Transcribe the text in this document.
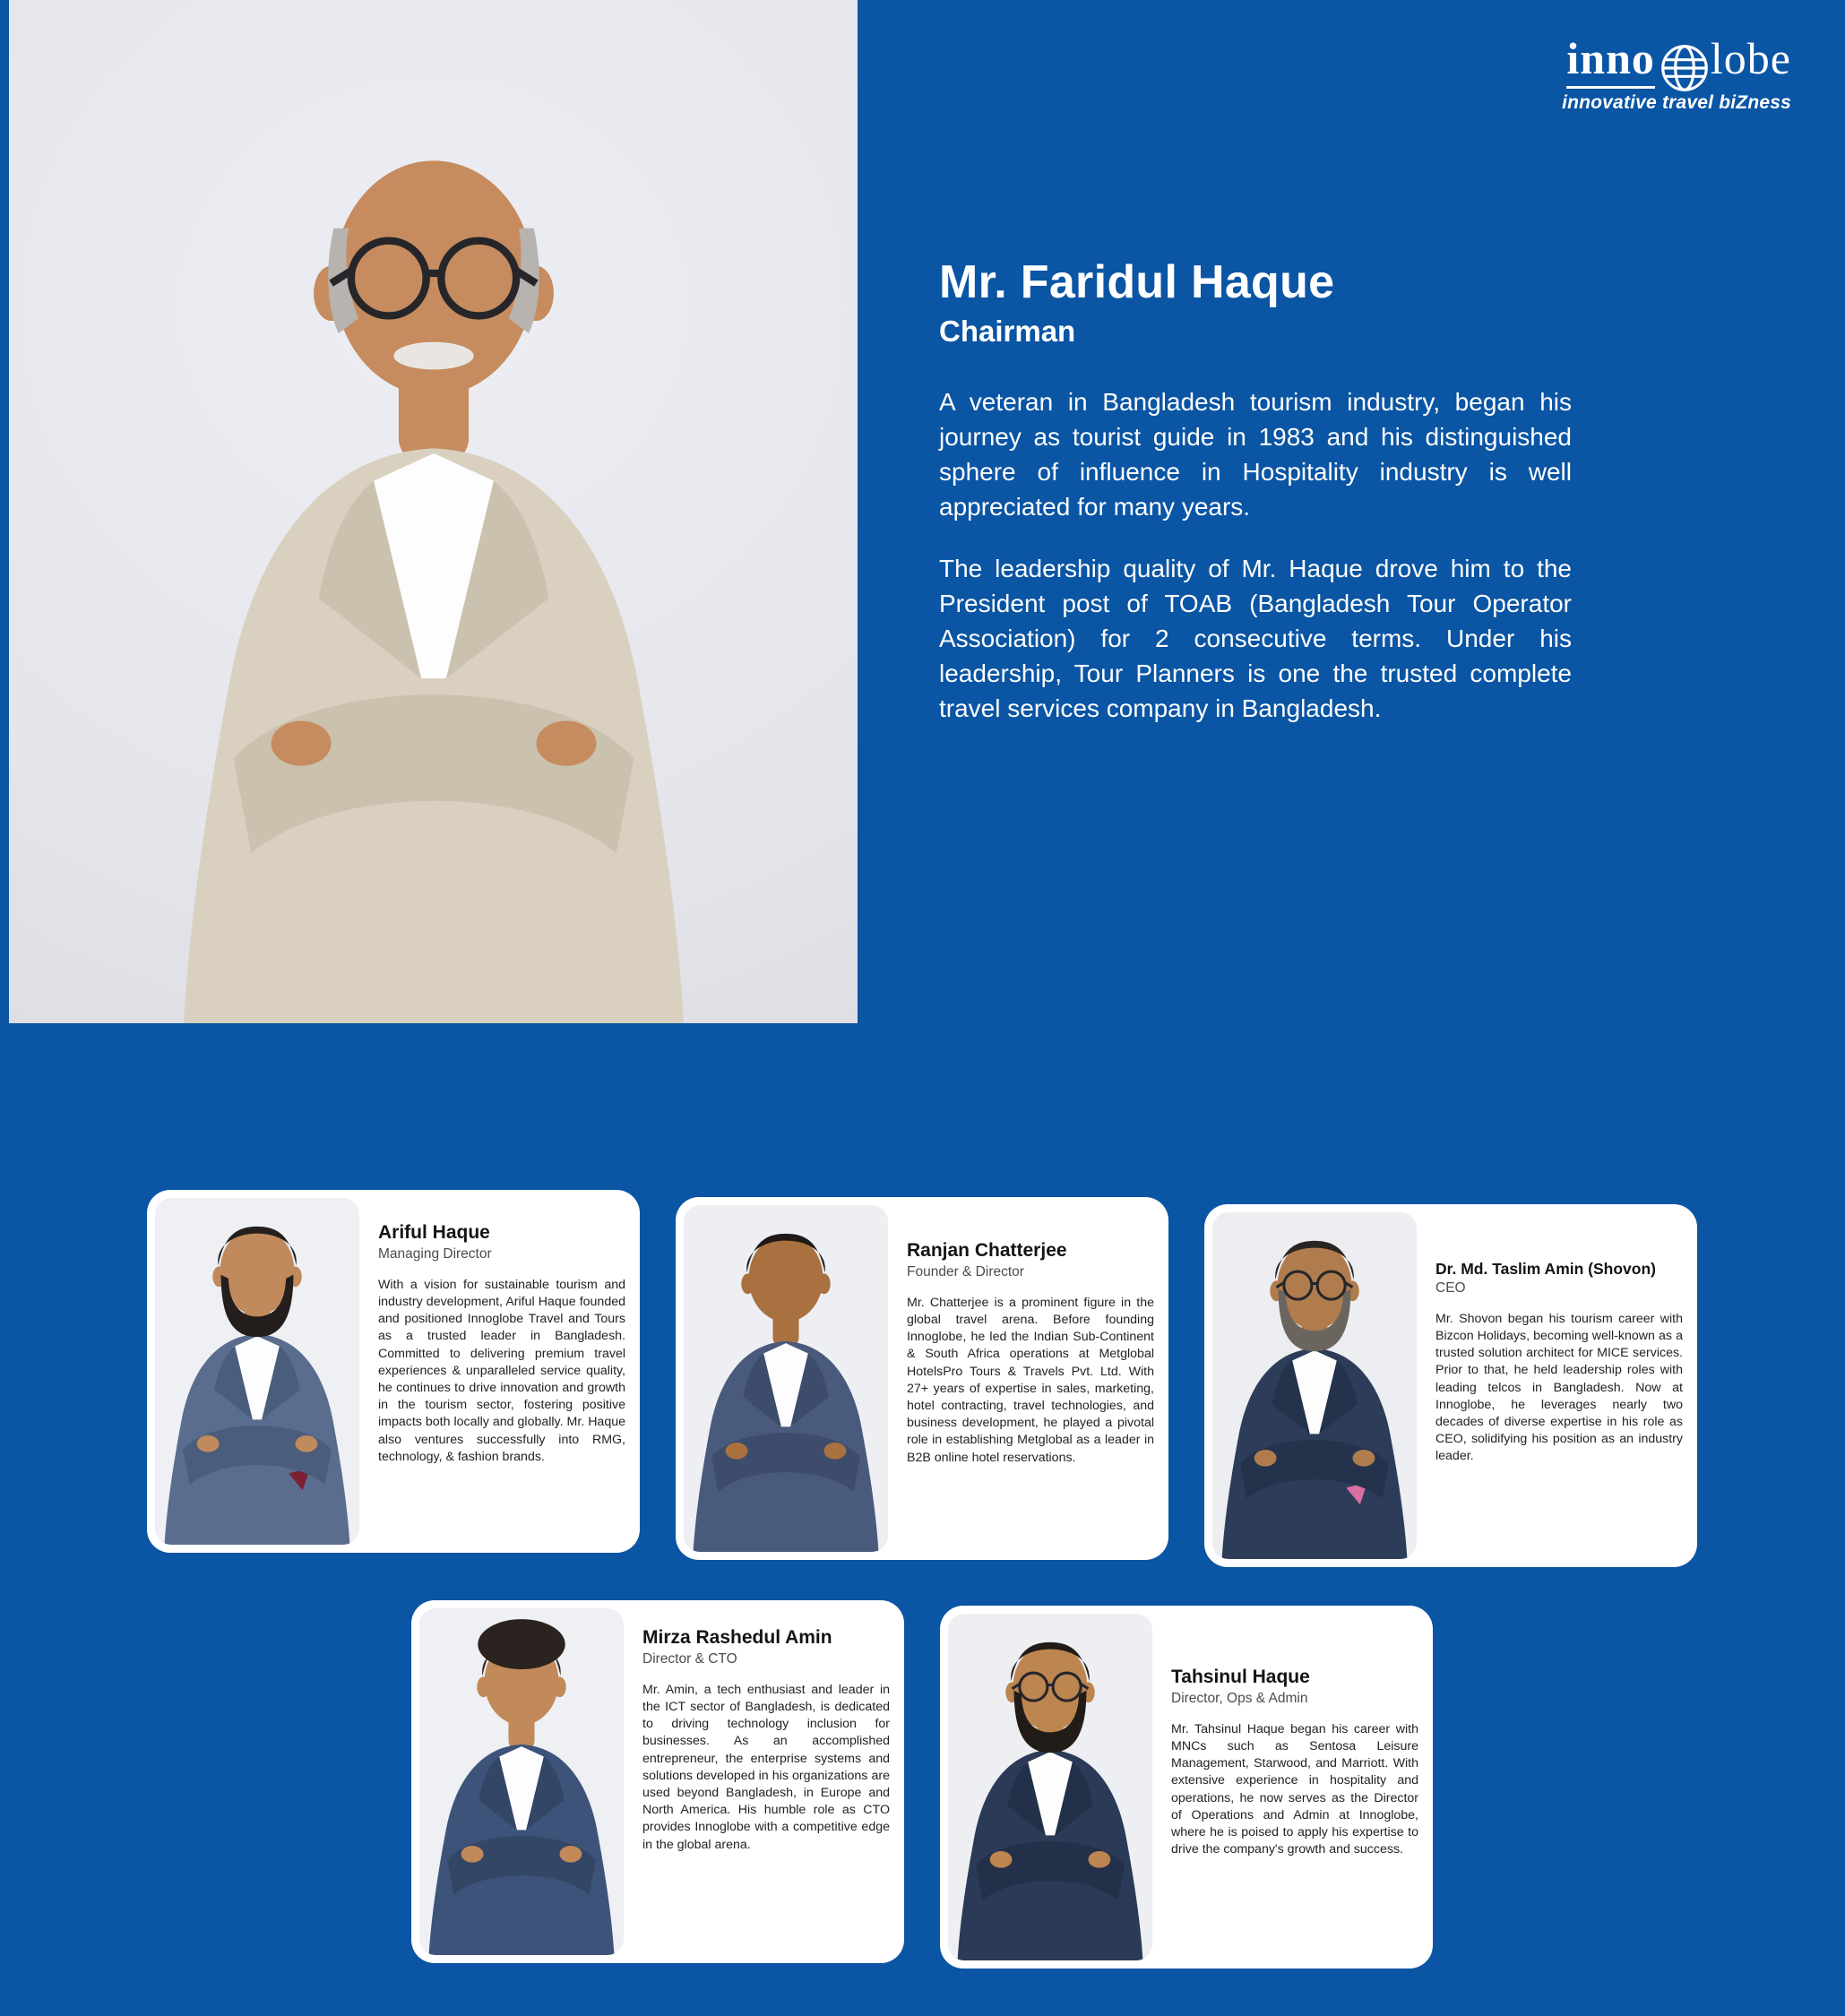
inno lobe
innovative travel biZness
Mr. Faridul Haque
Chairman

A veteran in Bangladesh tourism industry, began his journey as tourist guide in 1983 and his distinguished sphere of influence in Hospitality industry is well appreciated for many years.

The leadership quality of Mr. Haque drove him to the President post of TOAB (Bangladesh Tour Operator Association) for 2 consecutive terms. Under his leadership, Tour Planners is one the trusted complete travel services company in Bangladesh.

Ariful Haque
Managing Director

With a vision for sustainable tourism and industry development, Ariful Haque founded and positioned Innoglobe Travel and Tours as a trusted leader in Bangladesh. Committed to delivering premium travel experiences & unparalleled service quality, he continues to drive innovation and growth in the tourism sector, fostering positive impacts both locally and globally. Mr. Haque also ventures successfully into RMG, technology, & fashion brands.

Ranjan Chatterjee
Founder & Director

Mr. Chatterjee is a prominent figure in the global travel arena. Before founding Innoglobe, he led the Indian Sub-Continent & South Africa operations at Metglobal HotelsPro Tours & Travels Pvt. Ltd. With 27+ years of expertise in sales, marketing, hotel contracting, travel technologies, and business development, he played a pivotal role in establishing Metglobal as a leader in B2B online hotel reservations.

Dr. Md. Taslim Amin (Shovon)
CEO

Mr. Shovon began his tourism career with Bizcon Holidays, becoming well-known as a trusted solution architect for MICE services. Prior to that, he held leadership roles with leading telcos in Bangladesh. Now at Innoglobe, he leverages nearly two decades of diverse expertise in his role as CEO, solidifying his position as an industry leader.

Mirza Rashedul Amin
Director & CTO

Mr. Amin, a tech enthusiast and leader in the ICT sector of Bangladesh, is dedicated to driving technology inclusion for businesses. As an accomplished entrepreneur, the enterprise systems and solutions developed in his organizations are used beyond Bangladesh, in Europe and North America. His humble role as CTO provides Innoglobe with a competitive edge in the global arena.

Tahsinul Haque
Director, Ops & Admin

Mr. Tahsinul Haque began his career with MNCs such as Sentosa Leisure Management, Starwood, and Marriott. With extensive experience in hospitality and operations, he now serves as the Director of Operations and Admin at Innoglobe, where he is poised to apply his expertise to drive the company's growth and success.
